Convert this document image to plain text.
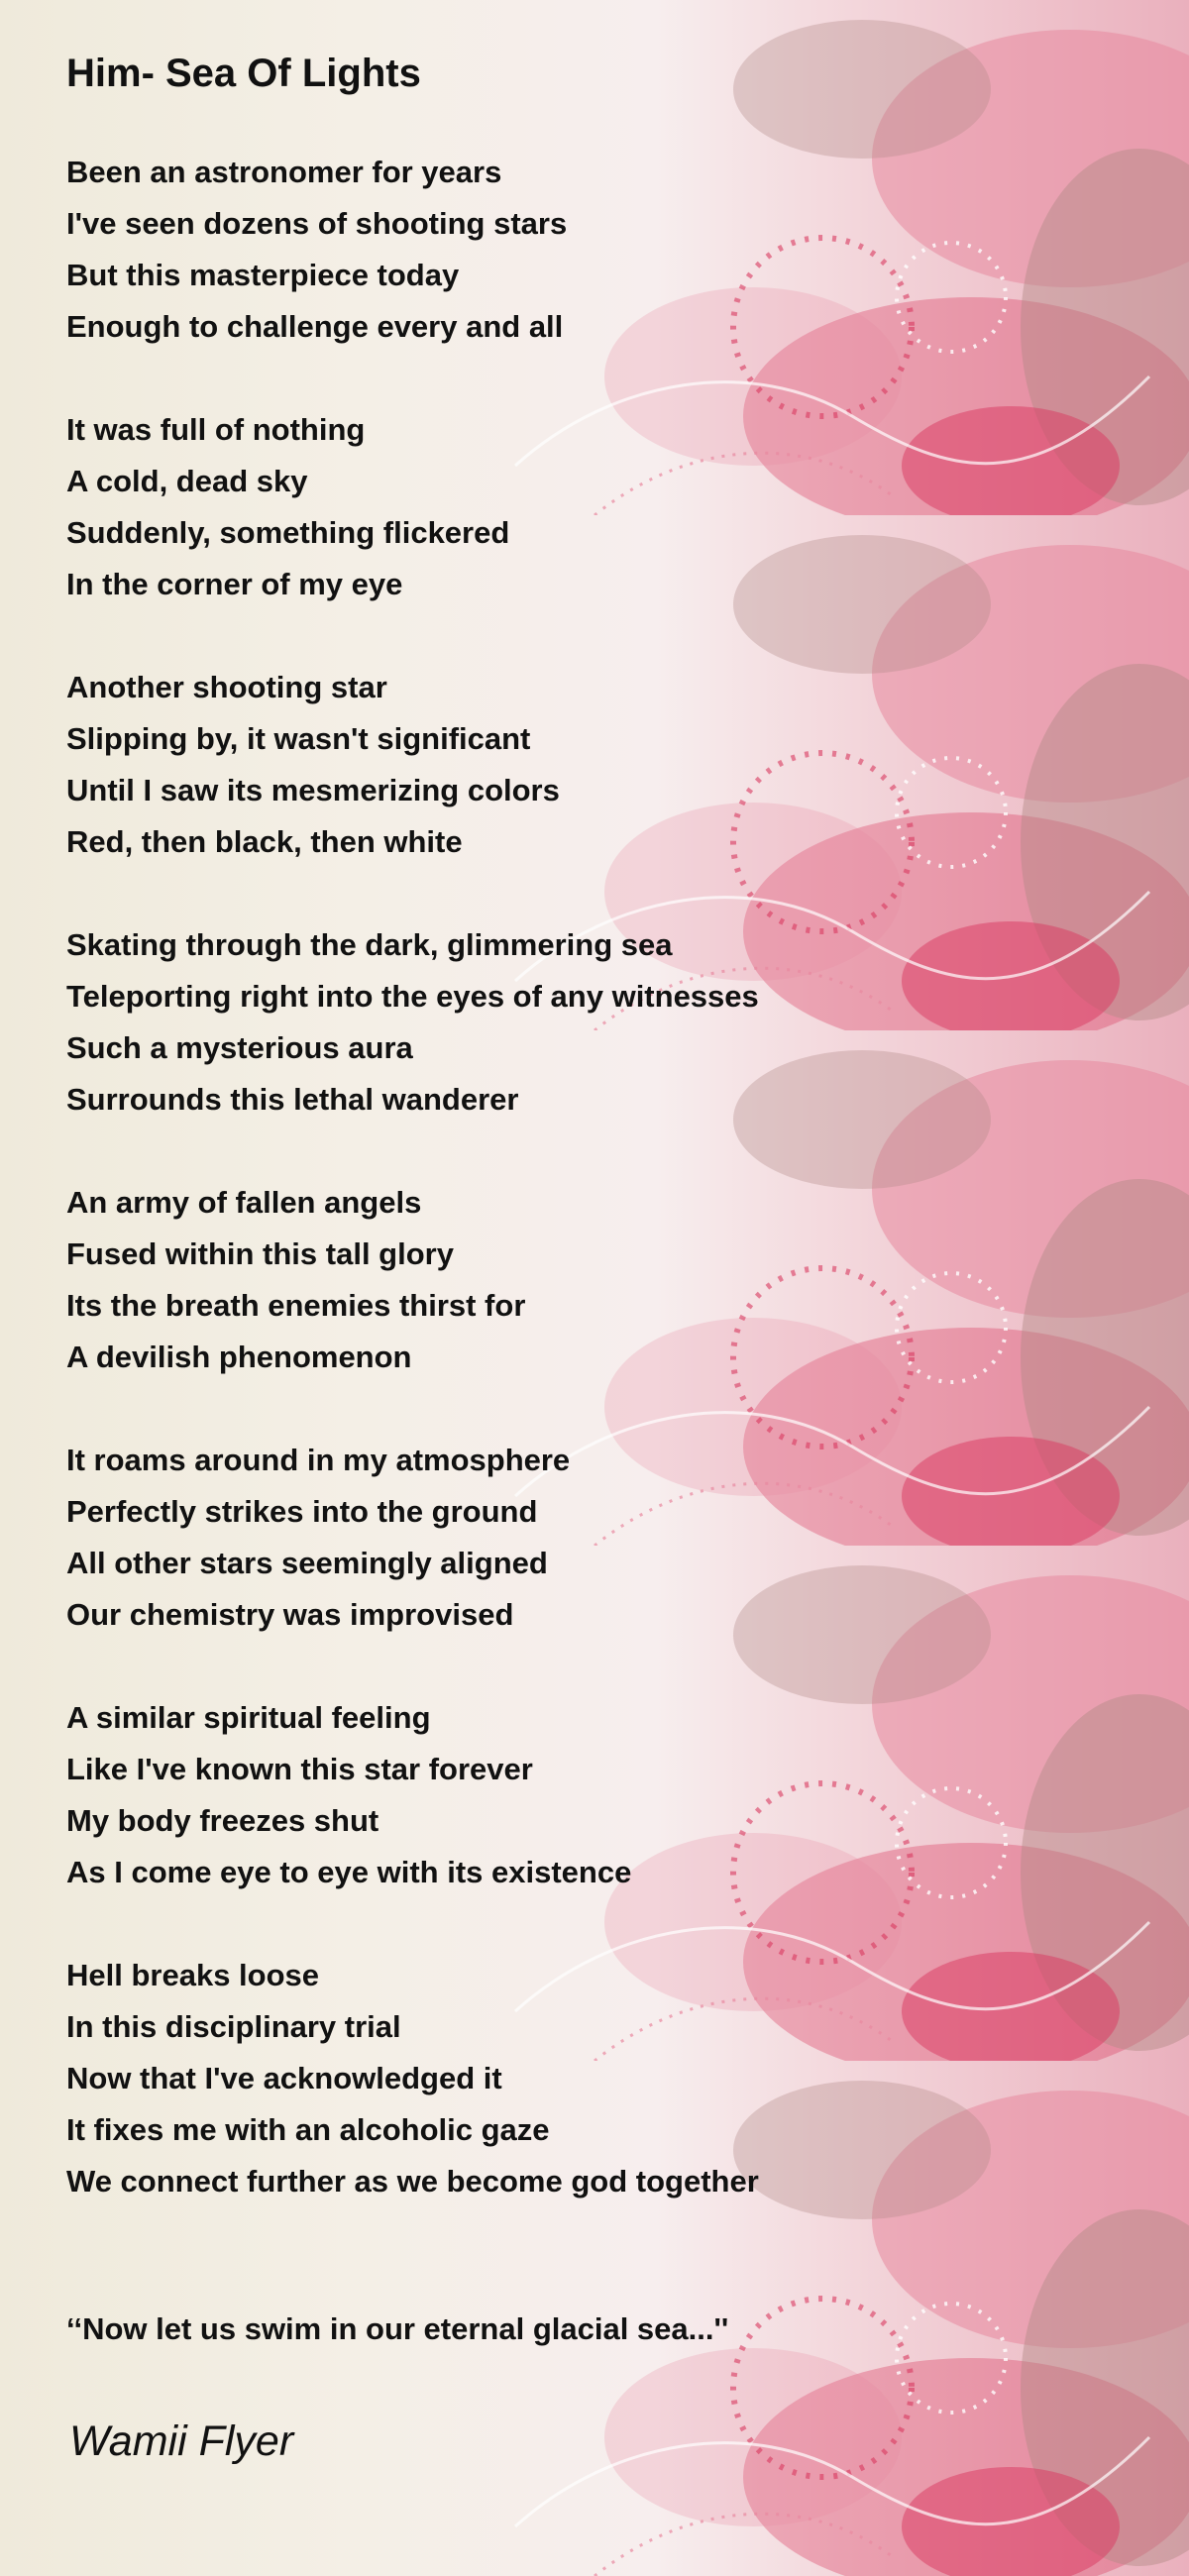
Him- Sea Of Lights
Been an astronomer for years
I've seen dozens of shooting stars
But this masterpiece today
Enough to challenge every and all
It was full of nothing
A cold, dead sky
Suddenly, something flickered
In the corner of my eye
Another shooting star
Slipping by, it wasn't significant
Until I saw its mesmerizing colors
Red, then black, then white
Skating through the dark, glimmering sea
Teleporting right into the eyes of any witnesses
Such a mysterious aura
Surrounds this lethal wanderer
An army of fallen angels
Fused within this tall glory
Its the breath enemies thirst for
A devilish phenomenon
It roams around in my atmosphere
Perfectly strikes into the ground
All other stars seemingly aligned
Our chemistry was improvised
A similar spiritual feeling
Like I've known this star forever
My body freezes shut
As I come eye to eye with its existence
Hell breaks loose
In this disciplinary trial
Now that I've acknowledged it
It fixes me with an alcoholic gaze
We connect further as we become god together

‘‘Now let us swim in our eternal glacial sea...''

Wamii Flyer
